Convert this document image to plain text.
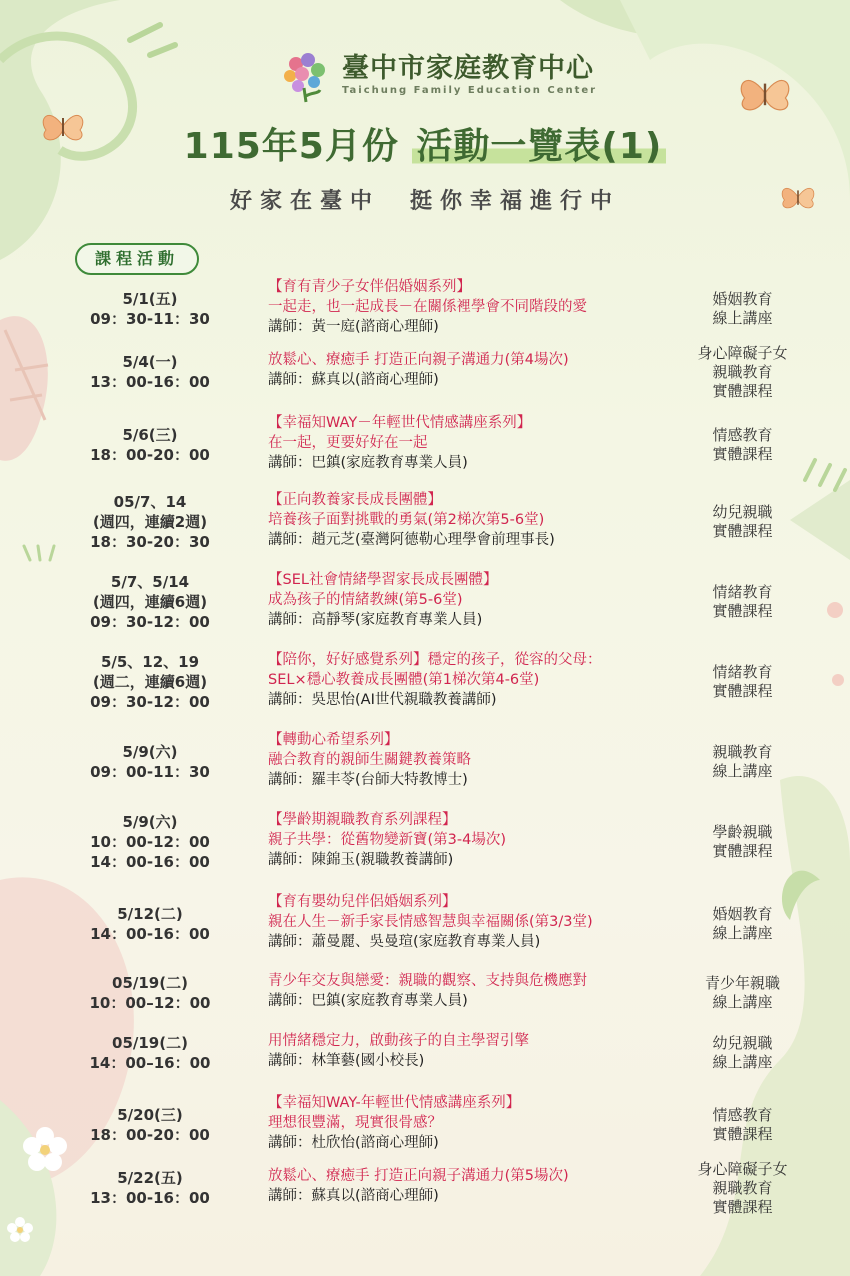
臺中市家庭教育中心
Taichung Family Education Center
115年5月份 活動一覽表(1)
好家在臺中　挺你幸福進行中
課程活動
5/1(五)
09：30-11：30
【育有青少子女伴侶婚姻系列】
一起走，也一起成長－在關係裡學會不同階段的愛
講師：黃一庭(諮商心理師)
婚姻教育
線上講座
5/4(一)
13：00-16：00
放鬆心、療癒手 打造正向親子溝通力(第4場次)
講師：蘇真以(諮商心理師)
身心障礙子女
親職教育
實體課程
5/6(三)
18：00-20：00
【幸福知WAY－年輕世代情感講座系列】
在一起，更要好好在一起
講師：巴鎮(家庭教育專業人員)
情感教育
實體課程
05/7、14
(週四，連續2週)
18：30-20：30
【正向教養家長成長團體】
培養孩子面對挑戰的勇氣(第2梯次第5-6堂)
講師：趙元芝(臺灣阿德勒心理學會前理事長)
幼兒親職
實體課程
5/7、5/14
(週四，連續6週)
09：30-12：00
【SEL社會情緒學習家長成長團體】
成為孩子的情緒教練(第5-6堂)
講師：高靜琴(家庭教育專業人員)
情緒教育
實體課程
5/5、12、19
(週二，連續6週)
09：30-12：00
【陪你，好好感覺系列】穩定的孩子，從容的父母：
SEL×穩心教養成長團體(第1梯次第4-6堂)
講師：吳思怡(AI世代親職教養講師)
情緒教育
實體課程
5/9(六)
09：00-11：30
【轉動心希望系列】
融合教育的親師生關鍵教養策略
講師：羅丰苓(台師大特教博士)
親職教育
線上講座
5/9(六)
10：00-12：00
14：00-16：00
【學齡期親職教育系列課程】
親子共學：從舊物變新寶(第3-4場次)
講師：陳錦玉(親職教養講師)
學齡親職
實體課程
5/12(二)
14：00-16：00
【育有嬰幼兒伴侶婚姻系列】
親在人生－新手家長情感智慧與幸福關係(第3/3堂)
講師：蕭曼麗、吳曼瑄(家庭教育專業人員)
婚姻教育
線上講座
05/19(二)
10：00–12：00
青少年交友與戀愛：親職的觀察、支持與危機應對
講師：巴鎮(家庭教育專業人員)
青少年親職
線上講座
05/19(二)
14：00–16：00
用情緒穩定力，啟動孩子的自主學習引擎
講師：林筆藝(國小校長)
幼兒親職
線上講座
5/20(三)
18：00-20：00
【幸福知WAY-年輕世代情感講座系列】
理想很豐滿，現實很骨感？
講師：杜欣怡(諮商心理師)
情感教育
實體課程
5/22(五)
13：00-16：00
放鬆心、療癒手 打造正向親子溝通力(第5場次)
講師：蘇真以(諮商心理師)
身心障礙子女
親職教育
實體課程
